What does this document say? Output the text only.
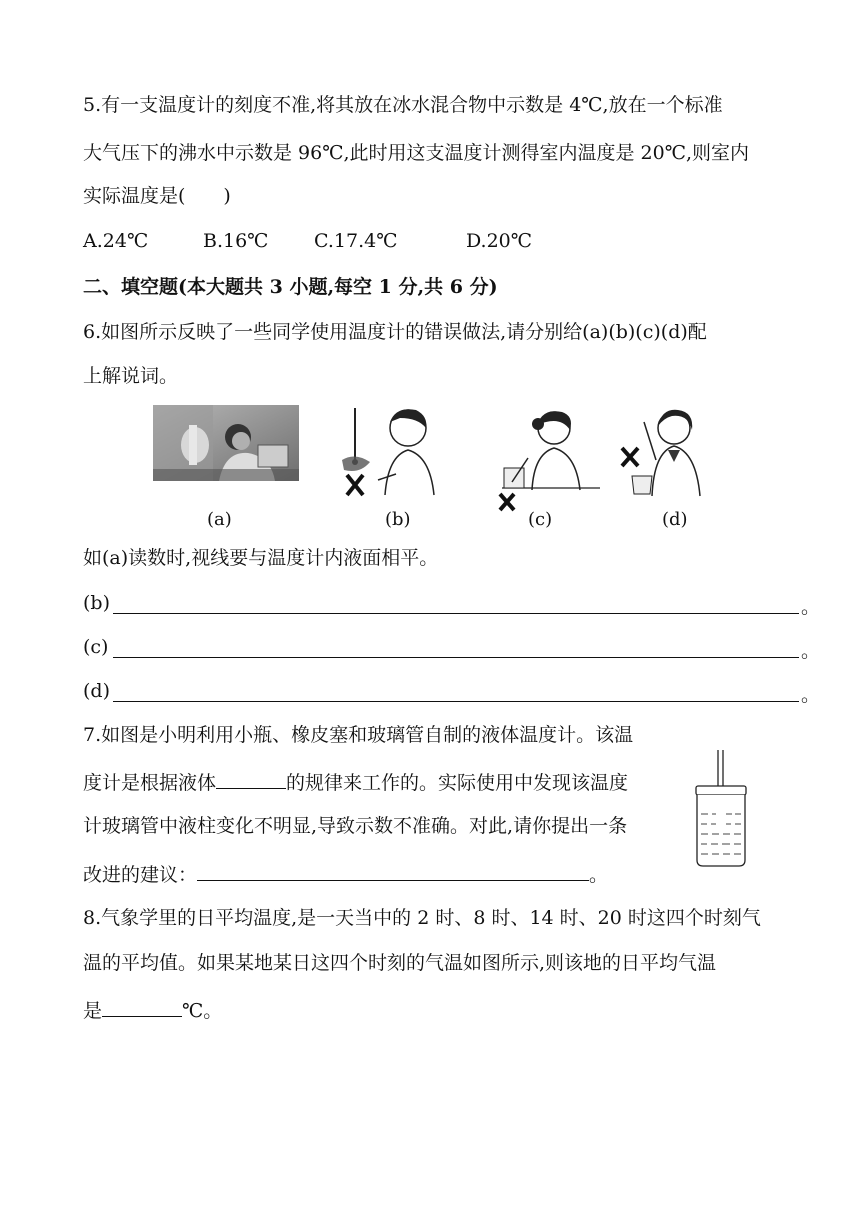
5.有一支温度计的刻度不准,将其放在冰水混合物中示数是 4℃,放在一个标准
大气压下的沸水中示数是 96℃,此时用这支温度计测得室内温度是 20℃,则室内
实际温度是(　　)
A.24℃	B.16℃ C.17.4℃	D.20℃
二、填空题(本大题共 3 小题,每空 1 分,共 6 分)
6.如图所示反映了一些同学使用温度计的错误做法,请分别给(a)(b)(c)(d)配
上解说词。
(a)	(b)	(c)	(d)
如(a)读数时,视线要与温度计内液面相平。
(b)	。
(c)	。
(d)	。
7.如图是小明利用小瓶、橡皮塞和玻璃管自制的液体温度计。该温
度计是根据液体	的规律来工作的。实际使用中发现该温度
计玻璃管中液柱变化不明显,导致示数不准确。对此,请你提出一条
改进的建议：	。
8.气象学里的日平均温度,是一天当中的 2 时、8 时、14 时、20 时这四个时刻气
温的平均值。如果某地某日这四个时刻的气温如图所示,则该地的日平均气温
是	℃。
